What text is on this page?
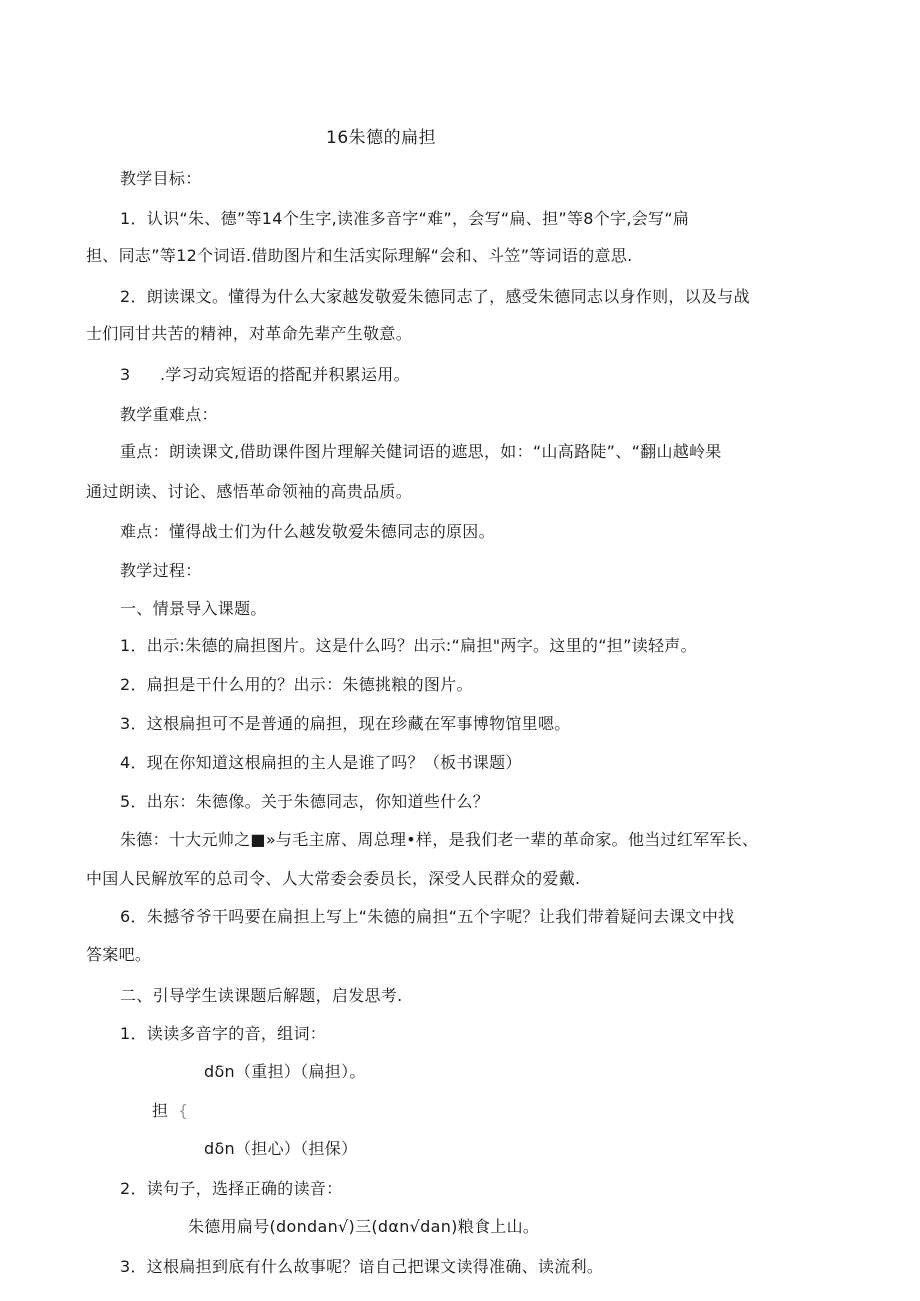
16朱德的扁担
教学目标：
1．认识“朱、德”等14个生字,读准多音字“难”，会写“扁、担”等8个字,会写“扁
担、同志”等12个词语.借助图片和生活实际理解“会和、斗笠”等词语的意思.
2．朗读课文。懂得为什么大家越发敬爱朱德同志了，感受朱德同志以身作则，以及与战
士们同甘共苦的精神，对革命先辈产生敬意。
3 .学习动宾短语的搭配并积累运用。
教学重难点：
重点：朗读课文,借助课件图片理解关健词语的遮思，如：“山高路陡”、“翻山越岭果
通过朗读、讨论、感悟革命领袖的高贵品质。
难点：懂得战士们为什么越发敬爱朱德同志的原因。
教学过程：
一、情景导入课题。
1．出示:朱德的扁担图片。这是什么吗？出示:“扁担"两字。这里的“担”读轻声。
2．扁担是干什么用的？出示：朱德挑粮的图片。
3．这根扁担可不是普通的扁担，现在珍藏在军事博物馆里嗯。
4．现在你知道这根扁担的主人是谁了吗？（板书课题）
5．出东：朱德像。关于朱德同志，你知道些什么？
朱德：十大元帅之■»与毛主席、周总理•样，是我们老一辈的革命家。他当过红军军长、
中国人民解放军的总司令、人大常委会委员长，深受人民群众的爱戴.
6．朱撼爷爷干吗要在扁担上写上“朱德的扁担“五个字呢？让我们带着疑问去课文中找
答案吧。
二、引导学生读课题后解题，启发思考.
1．读读多音字的音，组词：
dδn（重担）（扁担）。
担 {
dδn（担心）（担保）
2．读句子，选择正确的读音：
朱德用扁号(dondan√)三(dαn√dan)粮食上山。
3．这根扁担到底有什么故事呢？谙自己把课文读得准确、读流利。
